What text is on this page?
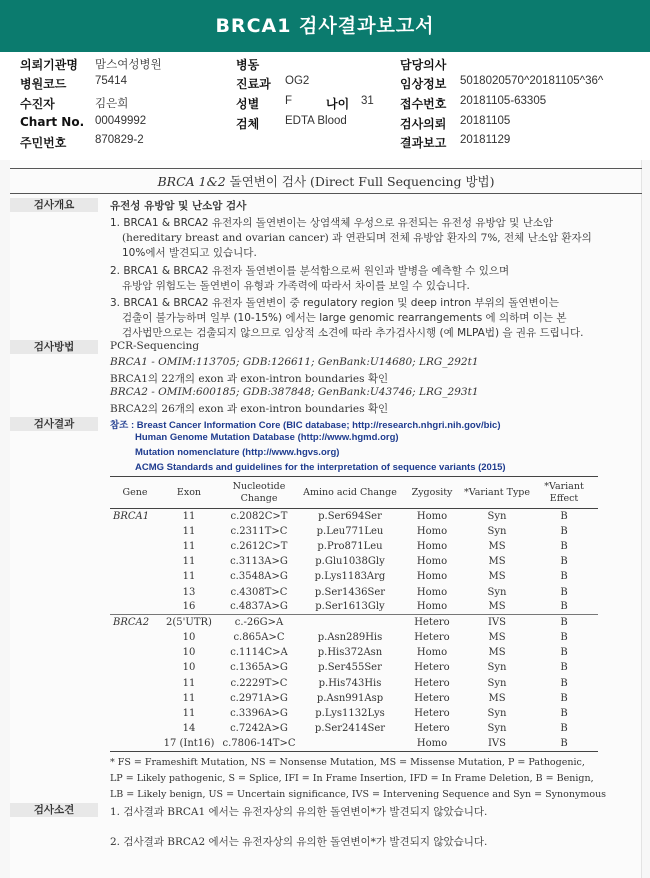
BRCA1 검사결과보고서
의뢰기관명 맘스여성병원	병동	담당의사
병원코드 75414	진료과 OG2	임상정보 5018020570^20181105^36^
수진자	김은희	성별 F	나이 31 접수번호 20181105-63305
Chart No. 00049992	검체 EDTA Blood	검사의뢰 20181105
주민번호 870829-2	결과보고 20181129
BRCA 1&2 돌연변이 검사 (Direct Full Sequencing 방법)
검사개요	유전성 유방암 및 난소암 검사
1. BRCA1 & BRCA2 유전자의 돌연변이는 상염색체 우성으로 유전되는 유전성 유방암 및 난소암
(hereditary breast and ovarian cancer) 과 연관되며 전체 유방암 환자의 7%, 전체 난소암 환자의
10%에서 발견되고 있습니다.
2. BRCA1 & BRCA2 유전자 돌연변이를 분석함으로써 원인과 발병을 예측할 수 있으며
유방암 위험도는 돌연변이 유형과 가족력에 따라서 차이를 보일 수 있습니다.
3. BRCA1 & BRCA2 유전자 돌연변이 중 regulatory region 및 deep intron 부위의 돌연변이는
검출이 불가능하며 일부 (10-15%) 에서는 large genomic rearrangements 에 의하며 이는 본
검사법만으로는 검출되지 않으므로 임상적 소견에 따라 추가검사시행 (예 MLPA법) 을 권유 드립니다.
검사방법	PCR-Sequencing
BRCA1 - OMIM:113705; GDB:126611; GenBank:U14680; LRG_292t1
BRCA1의 22개의 exon 과 exon-intron boundaries 확인
BRCA2 - OMIM:600185; GDB:387848; GenBank:U43746; LRG_293t1
BRCA2의 26개의 exon 과 exon-intron boundaries 확인
검사결과	참조 : Breast Cancer Information Core (BIC database; http://research.nhgri.nih.gov/bic)
Human Genome Mutation Database (http://www.hgmd.org)
Mutation nomenclature (http://www.hgvs.org)
ACMG Standards and guidelines for the interpretation of sequence variants (2015)
Gene	Exon	Nucleotide Change	Amino acid Change	Zygosity	*Variant Type	*Variant Effect
BRCA1	11	c.2082C>T	p.Ser694Ser	Homo	Syn	B
	11	c.2311T>C	p.Leu771Leu	Homo	Syn	B
	11	c.2612C>T	p.Pro871Leu	Homo	MS	B
	11	c.3113A>G	p.Glu1038Gly	Homo	MS	B
	11	c.3548A>G	p.Lys1183Arg	Homo	MS	B
	13	c.4308T>C	p.Ser1436Ser	Homo	Syn	B
	16	c.4837A>G	p.Ser1613Gly	Homo	MS	B
BRCA2	2(5'UTR)	c.-26G>A		Hetero	IVS	B
	10	c.865A>C	p.Asn289His	Hetero	MS	B
	10	c.1114C>A	p.His372Asn	Homo	MS	B
	10	c.1365A>G	p.Ser455Ser	Hetero	Syn	B
	11	c.2229T>C	p.His743His	Hetero	Syn	B
	11	c.2971A>G	p.Asn991Asp	Hetero	MS	B
	11	c.3396A>G	p.Lys1132Lys	Hetero	Syn	B
	14	c.7242A>G	p.Ser2414Ser	Hetero	Syn	B
	17 (Int16)	c.7806-14T>C		Homo	IVS	B
* FS = Frameshift Mutation, NS = Nonsense Mutation, MS = Missense Mutation, P = Pathogenic,
LP = Likely pathogenic, S = Splice, IFI = In Frame Insertion, IFD = In Frame Deletion, B = Benign,
LB = Likely benign, US = Uncertain significance, IVS = Intervening Sequence and Syn = Synonymous
검사소견	1. 검사결과 BRCA1 에서는 유전자상의 유의한 돌연변이*가 발견되지 않았습니다.
2. 검사결과 BRCA2 에서는 유전자상의 유의한 돌연변이*가 발견되지 않았습니다.
